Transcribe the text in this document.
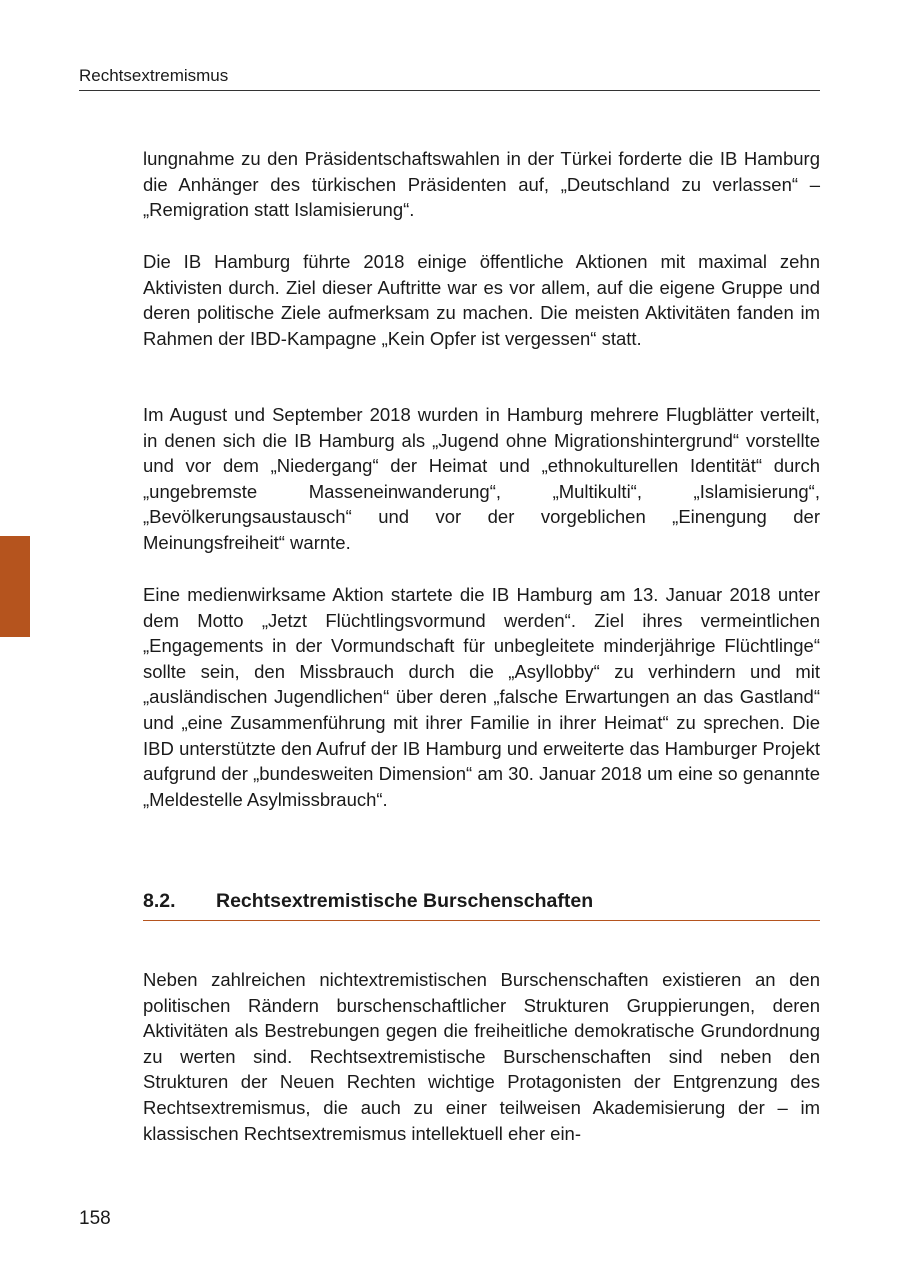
Rechtsextremismus

lungnahme zu den Präsidentschaftswahlen in der Türkei forderte die IB Hamburg die Anhänger des türkischen Präsidenten auf, „Deutschland zu verlassen“ – „Remigration statt Islamisierung“.

Die IB Hamburg führte 2018 einige öffentliche Aktionen mit maximal zehn Aktivisten durch. Ziel dieser Auftritte war es vor allem, auf die eigene Gruppe und deren politische Ziele aufmerksam zu machen. Die meisten Aktivitäten fanden im Rahmen der IBD-Kampagne „Kein Opfer ist vergessen“ statt.

Im August und September 2018 wurden in Hamburg mehrere Flugblätter verteilt, in denen sich die IB Hamburg als „Jugend ohne Migrationshintergrund“ vorstellte und vor dem „Niedergang“ der Heimat und „ethnokulturellen Identität“ durch „ungebremste Masseneinwanderung“, „Multikulti“, „Islamisierung“, „Bevölkerungsaustausch“ und vor der vorgeblichen „Einengung der Meinungsfreiheit“ warnte.

Eine medienwirksame Aktion startete die IB Hamburg am 13. Januar 2018 unter dem Motto „Jetzt Flüchtlingsvormund werden“. Ziel ihres vermeintlichen „Engagements in der Vormundschaft für unbegleitete minderjährige Flüchtlinge“ sollte sein, den Missbrauch durch die „Asyllobby“ zu verhindern und mit „ausländischen Jugendlichen“ über deren „falsche Erwartungen an das Gastland“ und „eine Zusammenführung mit ihrer Familie in ihrer Heimat“ zu sprechen. Die IBD unterstützte den Aufruf der IB Hamburg und erweiterte das Hamburger Projekt aufgrund der „bundesweiten Dimension“ am 30. Januar 2018 um eine so genannte „Meldestelle Asylmissbrauch“.

8.2. Rechtsextremistische Burschenschaften

Neben zahlreichen nichtextremistischen Burschenschaften existieren an den politischen Rändern burschenschaftlicher Strukturen Gruppierungen, deren Aktivitäten als Bestrebungen gegen die freiheitliche demokratische Grundordnung zu werten sind. Rechtsextremistische Burschenschaften sind neben den Strukturen der Neuen Rechten wichtige Protagonisten der Entgrenzung des Rechtsextremismus, die auch zu einer teilweisen Akademisierung der – im klassischen Rechtsextremismus intellektuell eher ein-

158
